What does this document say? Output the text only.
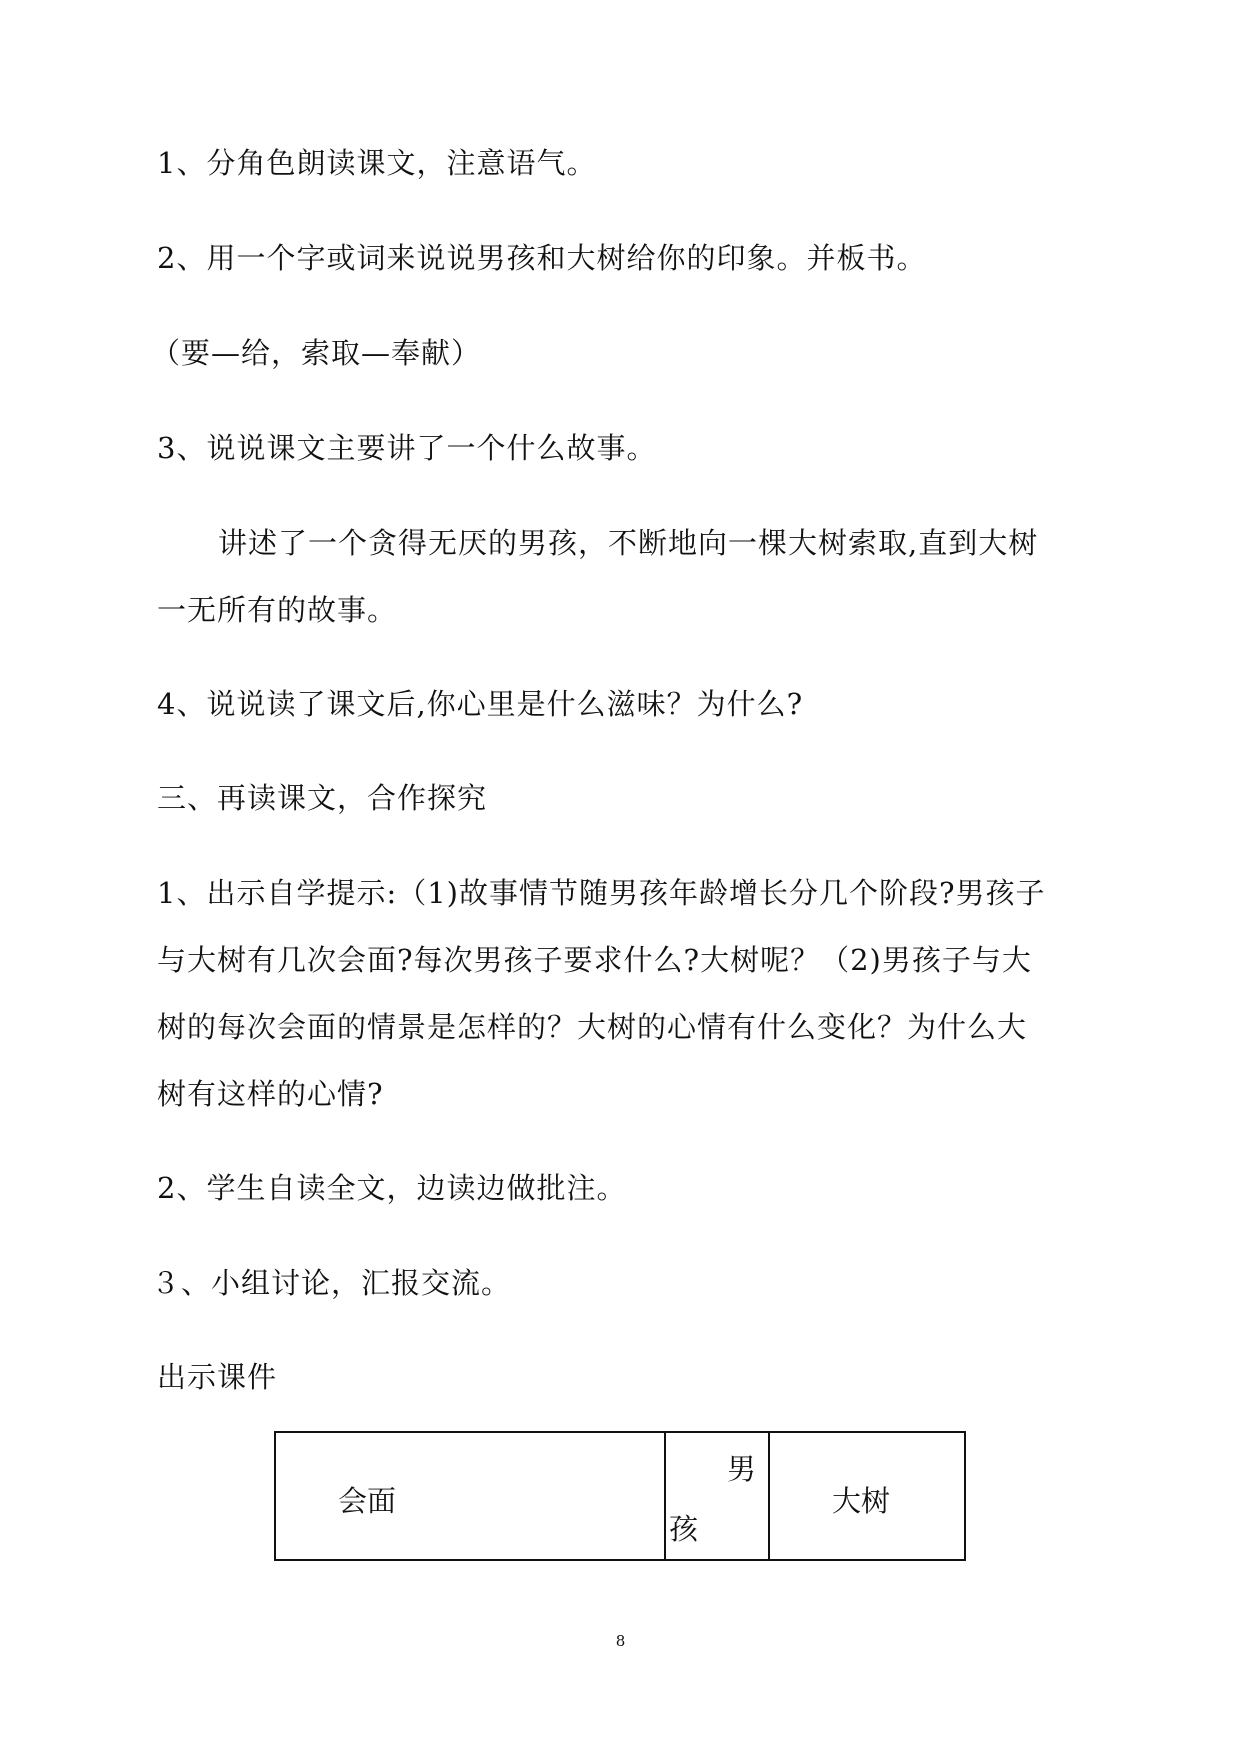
1、分角色朗读课文，注意语气。
2、用一个字或词来说说男孩和大树给你的印象。并板书。
（要—给，索取—奉献）
3、说说课文主要讲了一个什么故事。
讲述了一个贪得无厌的男孩，不断地向一棵大树索取,直到大树
一无所有的故事。
4、说说读了课文后,你心里是什么滋味？为什么?
三、再读课文，合作探究
1、出示自学提示:（1)故事情节随男孩年龄增长分几个阶段?男孩子
与大树有几次会面?每次男孩子要求什么?大树呢？（2)男孩子与大
树的每次会面的情景是怎样的？大树的心情有什么变化？为什么大
树有这样的心情?
2、学生自读全文，边读边做批注。
３、小组讨论，汇报交流。
出示课件
会面
男
孩
大树
8
